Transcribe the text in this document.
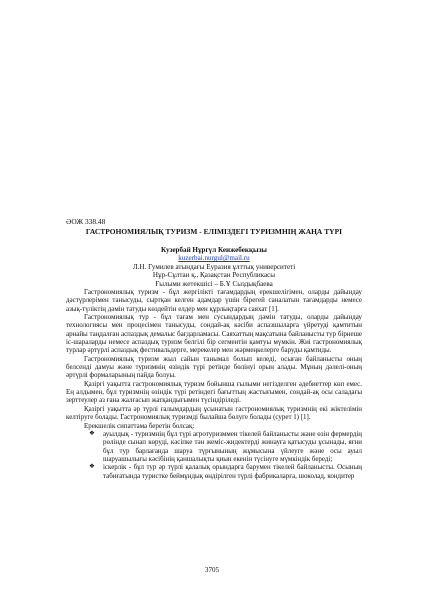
ӘОЖ 338.48
ГАСТРОНОМИЯЛЫҚ ТУРИЗМ - ЕЛІМІЗДЕГІ ТУРИЗМНІҢ ЖАҢА ТҮРІ
Кузербай Нұргүл Кенжебекқызы
kuzerbai.nurgul@mail.ru
Л.Н. Гумилев атындағы Еуразия ұлттық университеті
Нұр-Сұлтан қ., Қазақстан Республикасы
Ғылыми жетекшісі – Б.Ұ Сыздықбаева

Гастрономиялық туризм - бұл жергілікті тағамдардың ерекшелігімен, оларды дайындау дәстүрлерімен танысуды, сыртқан келген адамдар үшін бірегей саналатын тағамдарды немесе азық-түліктің дәмін татуды көздейтін елдер мен құрлықтарға саяхат [1].

Гастрономиялық тур - бұл тағам мен сусындардың дәмін татуды, оларды дайындау технологиясы мен процесімен танысуды, сондай-ақ кәсіби аспазшыларға үйретуді қамтитын арнайы таңдалған аспаздық демалыс бағдарламасы. Саяхаттың мақсатына байланысты тур бірнеше іс-шараларды немесе аспаздық туризм белгілі бір сегментін қамтуы мүмкін. Жиі гастрономиялық турлар әртүрлі аспаздық фестивальдерге, мерекелер мен жәрмеңкелерге баруды қамтиды.

Гастрономиялық туризм жыл сайын танымал болып келеді, осыған байланысты оның белсенді дамуы және туризмнің өзіндік түрі ретінде бөлінуі орын алады. Мұның дәлелі-оның әртүрлі формаларының пайда болуы.

Қазіргі уақытта гастрономиялық туризм бойынша ғылыми негізделген әдебиеттер көп емес. Ең алдымен, бұл туризмнің өзіндік түрі ретіндегі бағыттың жастығымен, сондай-ақ осы саладағы зерттеулер аз ғана жалғасып жатқандығымен түсіндіріледі.

Қазіргі уақытта әр түрлі ғалымдардың ұсынатын гастрономиялық туризмнің екі жіктелімін келтіруге болады. Гастрономиялық туризмді былайша бөлуге болады (сурет 1) [1].

Ерекшелік сипаттама беретін болсақ:

❖ ауылдық - туризмнің бұл түрі агротуризммен тікелей байланысты және өзін фермердің рөлінде сынап көруді, кәсіпке тән жеміс-жидектерді жинауға қатысуды ұсынады, яғни бұл тур барлағанда шаруа түрғынының жұмысына үйлеуге және осы ауыл шаруашылығы кәсібінің қаншалықты қиын екенін түсінуге мүмкіндік береді;
❖ іскерлік - бұл тур әр түрлі қалалық орындарға барумен тікелей байланысты. Осының табиғатында туристке беймұндық өндірілген түрлі фабрикаларға, шоколад, кондитер
3705
